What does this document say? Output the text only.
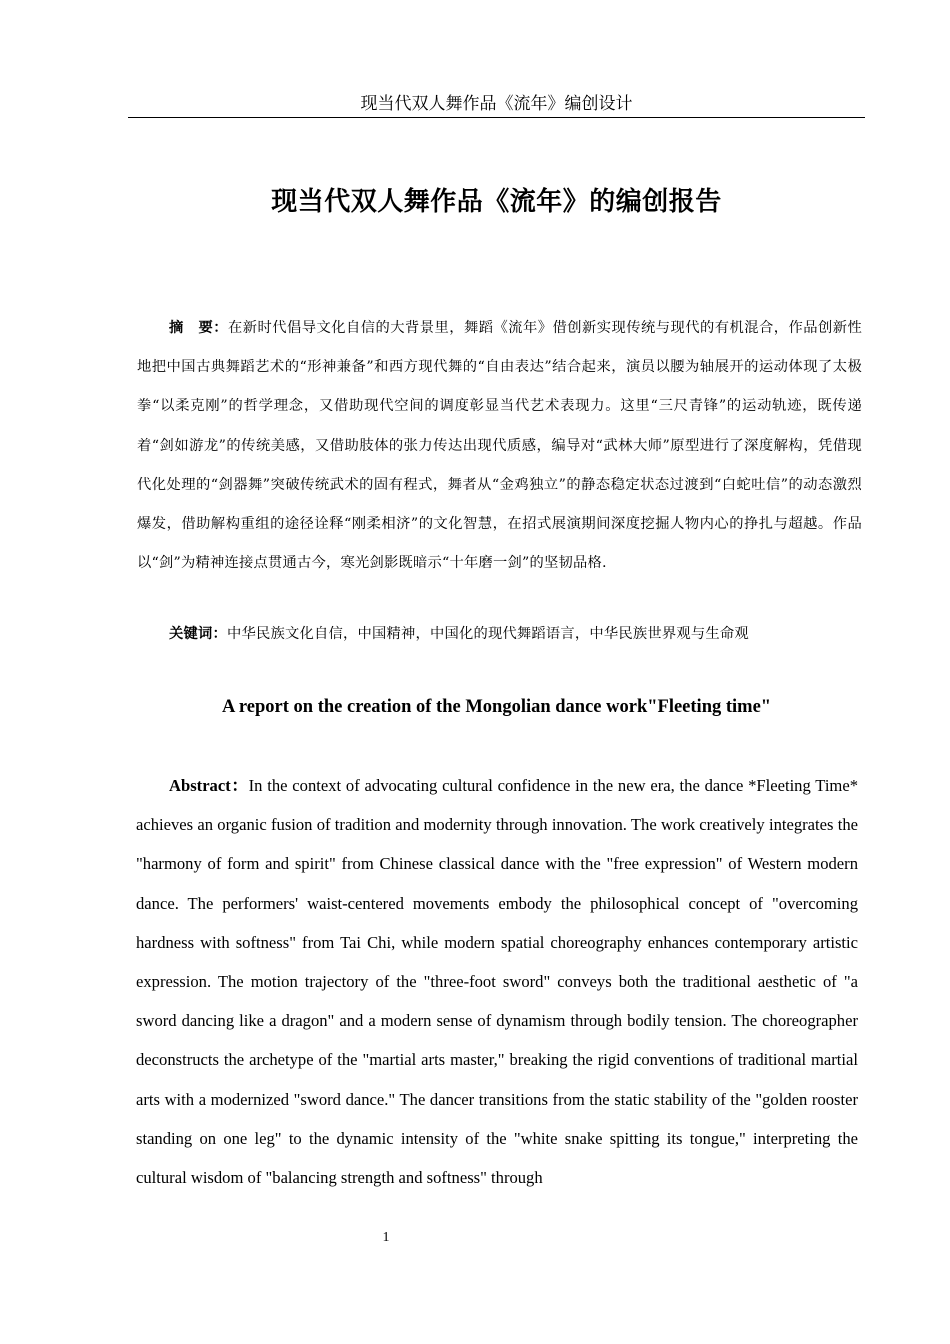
现当代双人舞作品《流年》编创设计
现当代双人舞作品《流年》的编创报告

摘　要：在新时代倡导文化自信的大背景里，舞蹈《流年》借创新实现传统与现代的有机混合，作品创新性地把中国古典舞蹈艺术的“形神兼备”和西方现代舞的“自由表达”结合起来，演员以腰为轴展开的运动体现了太极拳“以柔克刚”的哲学理念，又借助现代空间的调度彰显当代艺术表现力。这里“三尺青锋”的运动轨迹，既传递着“剑如游龙”的传统美感，又借助肢体的张力传达出现代质感，编导对“武林大师”原型进行了深度解构，凭借现代化处理的“剑器舞”突破传统武术的固有程式，舞者从“金鸡独立”的静态稳定状态过渡到“白蛇吐信”的动态激烈爆发，借助解构重组的途径诠释“刚柔相济”的文化智慧，在招式展演期间深度挖掘人物内心的挣扎与超越。作品以“剑”为精神连接点贯通古今，寒光剑影既暗示“十年磨一剑”的坚韧品格.

关键词：中华民族文化自信，中国精神，中国化的现代舞蹈语言，中华民族世界观与生命观

A report on the creation of the Mongolian dance work"Fleeting time"

Abstract：In the context of advocating cultural confidence in the new era, the dance *Fleeting Time* achieves an organic fusion of tradition and modernity through innovation. The work creatively integrates the "harmony of form and spirit" from Chinese classical dance with the "free expression" of Western modern dance. The performers' waist-centered movements embody the philosophical concept of "overcoming hardness with softness" from Tai Chi, while modern spatial choreography enhances contemporary artistic expression. The motion trajectory of the "three-foot sword" conveys both the traditional aesthetic of "a sword dancing like a dragon" and a modern sense of dynamism through bodily tension. The choreographer deconstructs the archetype of the "martial arts master," breaking the rigid conventions of traditional martial arts with a modernized "sword dance." The dancer transitions from the static stability of the "golden rooster standing on one leg" to the dynamic intensity of the "white snake spitting its tongue," interpreting the cultural wisdom of "balancing strength and softness" through

1
